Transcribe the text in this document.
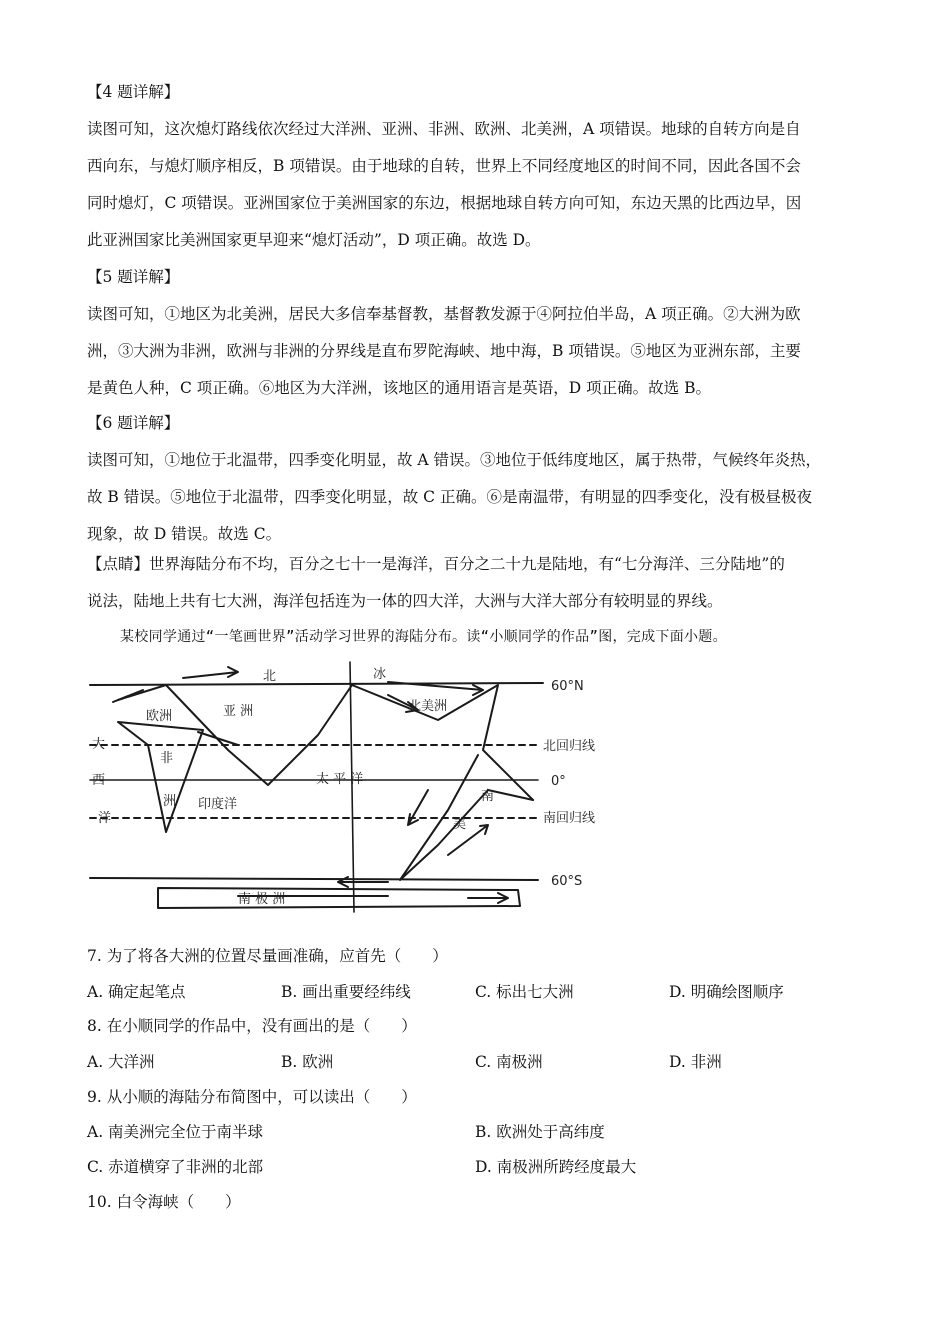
【4 题详解】
读图可知，这次熄灯路线依次经过大洋洲、亚洲、非洲、欧洲、北美洲，A 项错误。地球的自转方向是自
西向东，与熄灯顺序相反，B 项错误。由于地球的自转，世界上不同经度地区的时间不同，因此各国不会
同时熄灯，C 项错误。亚洲国家位于美洲国家的东边，根据地球自转方向可知，东边天黑的比西边早，因
此亚洲国家比美洲国家更早迎来“熄灯活动”，D 项正确。故选 D。
【5 题详解】
读图可知，①地区为北美洲，居民大多信奉基督教，基督教发源于④阿拉伯半岛，A 项正确。②大洲为欧
洲，③大洲为非洲，欧洲与非洲的分界线是直布罗陀海峡、地中海，B 项错误。⑤地区为亚洲东部，主要
是黄色人种，C 项正确。⑥地区为大洋洲，该地区的通用语言是英语，D 项正确。故选 B。
【6 题详解】
读图可知，①地位于北温带，四季变化明显，故 A 错误。③地位于低纬度地区，属于热带，气候终年炎热，
故 B 错误。⑤地位于北温带，四季变化明显，故 C 正确。⑥是南温带，有明显的四季变化，没有极昼极夜
现象，故 D 错误。故选 C。
【点睛】世界海陆分布不均，百分之七十一是海洋，百分之二十九是陆地，有“七分海洋、三分陆地”的
说法，陆地上共有七大洲，海洋包括连为一体的四大洋，大洲与大洋大部分有较明显的界线。
某校同学通过“一笔画世界”活动学习世界的海陆分布。读“小顺同学的作品”图，完成下面小题。
60°N
北回归线
0°
南回归线
60°S
欧洲	亚 洲
非
洲 印度洋
太 平 洋
北美洲
南
美
南 极 洲
北	冰
大
西
洋
7. 为了将各大洲的位置尽量画准确，应首先（　　）
A. 确定起笔点	B. 画出重要经纬线	C. 标出七大洲	D. 明确绘图顺序
8. 在小顺同学的作品中，没有画出的是（　　）
A. 大洋洲	B. 欧洲	C. 南极洲	D. 非洲
9. 从小顺的海陆分布简图中，可以读出（　　）
A. 南美洲完全位于南半球	B. 欧洲处于高纬度
C. 赤道横穿了非洲的北部	D. 南极洲所跨经度最大
10. 白令海峡（　　）
